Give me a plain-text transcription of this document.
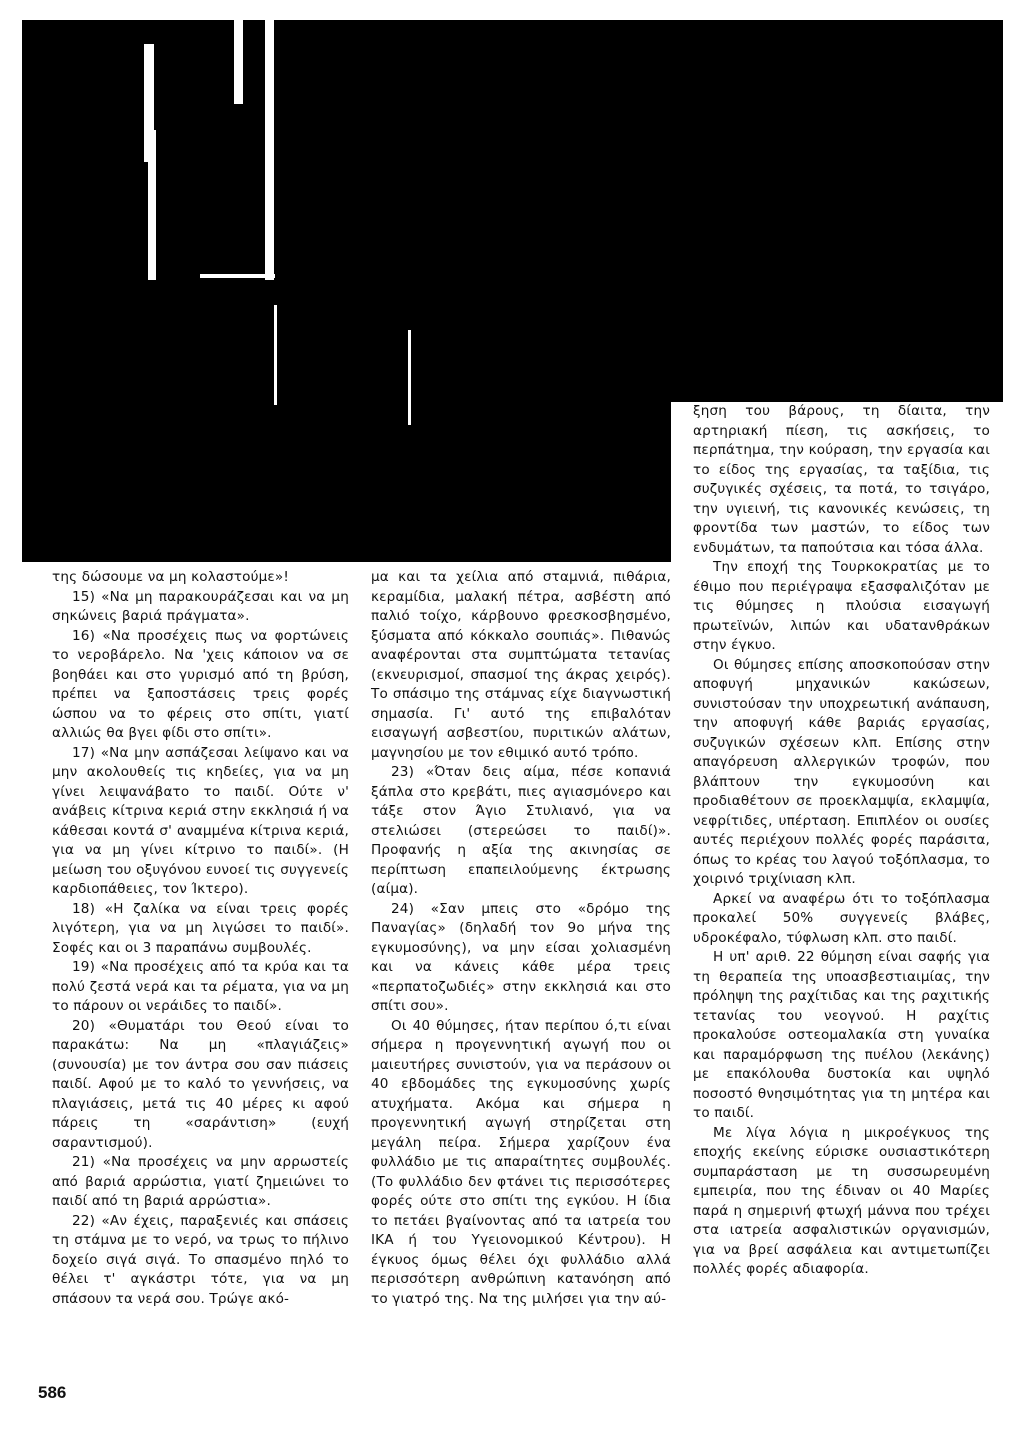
της δώσουμε να μη κολαστούμε»!

15) «Να μη παρακουράζεσαι και να μη σηκώνεις βαριά πράγματα».

16) «Να προσέχεις πως να φορτώνεις το νεροβάρελο. Να 'χεις κάποιον να σε βοηθάει και στο γυρισμό από τη βρύση, πρέπει να ξαποστάσεις τρεις φορές ώσπου να το φέρεις στο σπίτι, γιατί αλλιώς θα βγει φίδι στο σπίτι».

17) «Να μην ασπάζεσαι λείψανο και να μην ακολουθείς τις κηδείες, για να μη γίνει λειψανάβατο το παιδί. Ούτε ν' ανάβεις κίτρινα κεριά στην εκκλησιά ή να κάθεσαι κοντά σ' αναμμένα κίτρινα κεριά, για να μη γίνει κίτρινο το παιδί». (Η μείωση του οξυγόνου ευνοεί τις συγγενείς καρδιοπάθειες, τον Ίκτερο).

18) «Η ζαλίκα να είναι τρεις φορές λιγότερη, για να μη λιγώσει το παιδί». Σοφές και οι 3 παραπάνω συμβουλές.

19) «Να προσέχεις από τα κρύα και τα πολύ ζεστά νερά και τα ρέματα, για να μη το πάρουν οι νεράιδες το παιδί».

20) «Θυματάρι του Θεού είναι το παρακάτω: Να μη «πλαγιάζεις» (συνουσία) με τον άντρα σου σαν πιάσεις παιδί. Αφού με το καλό το γεννήσεις, να πλαγιάσεις, μετά τις 40 μέρες κι αφού πάρεις τη «σαράντιση» (ευχή σαραντισμού).

21) «Να προσέχεις να μην αρρωστείς από βαριά αρρώστια, γιατί ζημειώνει το παιδί από τη βαριά αρρώστια».

22) «Αν έχεις, παραξενιές και σπάσεις τη στάμνα με το νερό, να τρως το πήλινο δοχείο σιγά σιγά. Το σπασμένο πηλό το θέλει τ' αγκάστρι τότε, για να μη σπάσουν τα νερά σου. Τρώγε ακό-

μα και τα χείλια από σταμνιά, πιθάρια, κεραμίδια, μαλακή πέτρα, ασβέστη από παλιό τοίχο, κάρβουνο φρεσκοσβησμένο, ξύσματα από κόκκαλο σουπιάς». Πιθανώς αναφέρονται στα συμπτώματα τετανίας (εκνευρισμοί, σπασμοί της άκρας χειρός). Το σπάσιμο της στάμνας είχε διαγνωστική σημασία. Γι' αυτό της επιβαλόταν εισαγωγή ασβεστίου, πυριτικών αλάτων, μαγνησίου με τον εθιμικό αυτό τρόπο.

23) «Όταν δεις αίμα, πέσε κοπανιά ξάπλα στο κρεβάτι, πιες αγιασμόνερο και τάξε στον Άγιο Στυλιανό, για να στελιώσει (στερεώσει το παιδί)». Προφανής η αξία της ακινησίας σε περίπτωση επαπειλούμενης έκτρωσης (αίμα).

24) «Σαν μπεις στο «δρόμο της Παναγίας» (δηλαδή τον 9ο μήνα της εγκυμοσύνης), να μην είσαι χολιασμένη και να κάνεις κάθε μέρα τρεις «περπατοζωδιές» στην εκκλησιά και στο σπίτι σου».

Οι 40 θύμησες, ήταν περίπου ό,τι είναι σήμερα η προγεννητική αγωγή που οι μαιευτήρες συνιστούν, για να περάσουν οι 40 εβδομάδες της εγκυμοσύνης χωρίς ατυχήματα. Ακόμα και σήμερα η προγεννητική αγωγή στηρίζεται στη μεγάλη πείρα. Σήμερα χαρίζουν ένα φυλλάδιο με τις απαραίτητες συμβουλές. (Το φυλλάδιο δεν φτάνει τις περισσότερες φορές ούτε στο σπίτι της εγκύου. Η ίδια το πετάει βγαίνοντας από τα ιατρεία του ΙΚΑ ή του Υγειονομικού Κέντρου). Η έγκυος όμως θέλει όχι φυλλάδιο αλλά περισσότερη ανθρώπινη κατανόηση από το γιατρό της. Να της μιλήσει για την αύ-

ξηση του βάρους, τη δίαιτα, την αρτηριακή πίεση, τις ασκήσεις, το περπάτημα, την κούραση, την εργασία και το είδος της εργασίας, τα ταξίδια, τις συζυγικές σχέσεις, τα ποτά, το τσιγάρο, την υγιεινή, τις κανονικές κενώσεις, τη φροντίδα των μαστών, το είδος των ενδυμάτων, τα παπούτσια και τόσα άλλα.

Την εποχή της Τουρκοκρατίας με το έθιμο που περιέγραψα εξασφαλιζόταν με τις θύμησες η πλούσια εισαγωγή πρωτεϊνών, λιπών και υδατανθράκων στην έγκυο.

Οι θύμησες επίσης αποσκοπούσαν στην αποφυγή μηχανικών κακώσεων, συνιστούσαν την υποχρεωτική ανάπαυση, την αποφυγή κάθε βαριάς εργασίας, συζυγικών σχέσεων κλπ. Επίσης στην απαγόρευση αλλεργικών τροφών, που βλάπτουν την εγκυμοσύνη και προδιαθέτουν σε προεκλαμψία, εκλαμψία, νεφρίτιδες, υπέρταση. Επιπλέον οι ουσίες αυτές περιέχουν πολλές φορές παράσιτα, όπως το κρέας του λαγού τοξόπλασμα, το χοιρινό τριχίνιαση κλπ.

Αρκεί να αναφέρω ότι το τοξόπλασμα προκαλεί 50% συγγενείς βλάβες, υδροκέφαλο, τύφλωση κλπ. στο παιδί.

Η υπ' αριθ. 22 θύμηση είναι σαφής για τη θεραπεία της υποασβεστιαιμίας, την πρόληψη της ραχίτιδας και της ραχιτικής τετανίας του νεογνού. Η ραχίτις προκαλούσε οστεομαλακία στη γυναίκα και παραμόρφωση της πυέλου (λεκάνης) με επακόλουθα δυστοκία και υψηλό ποσοστό θνησιμότητας για τη μητέρα και το παιδί.

Με λίγα λόγια η μικροέγκυος της εποχής εκείνης εύρισκε ουσιαστικότερη συμπαράσταση με τη συσσωρευμένη εμπειρία, που της έδιναν οι 40 Μαρίες παρά η σημερινή φτωχή μάννα που τρέχει στα ιατρεία ασφαλιστικών οργανισμών, για να βρεί ασφάλεια και αντιμετωπίζει πολλές φορές αδιαφορία.

586
